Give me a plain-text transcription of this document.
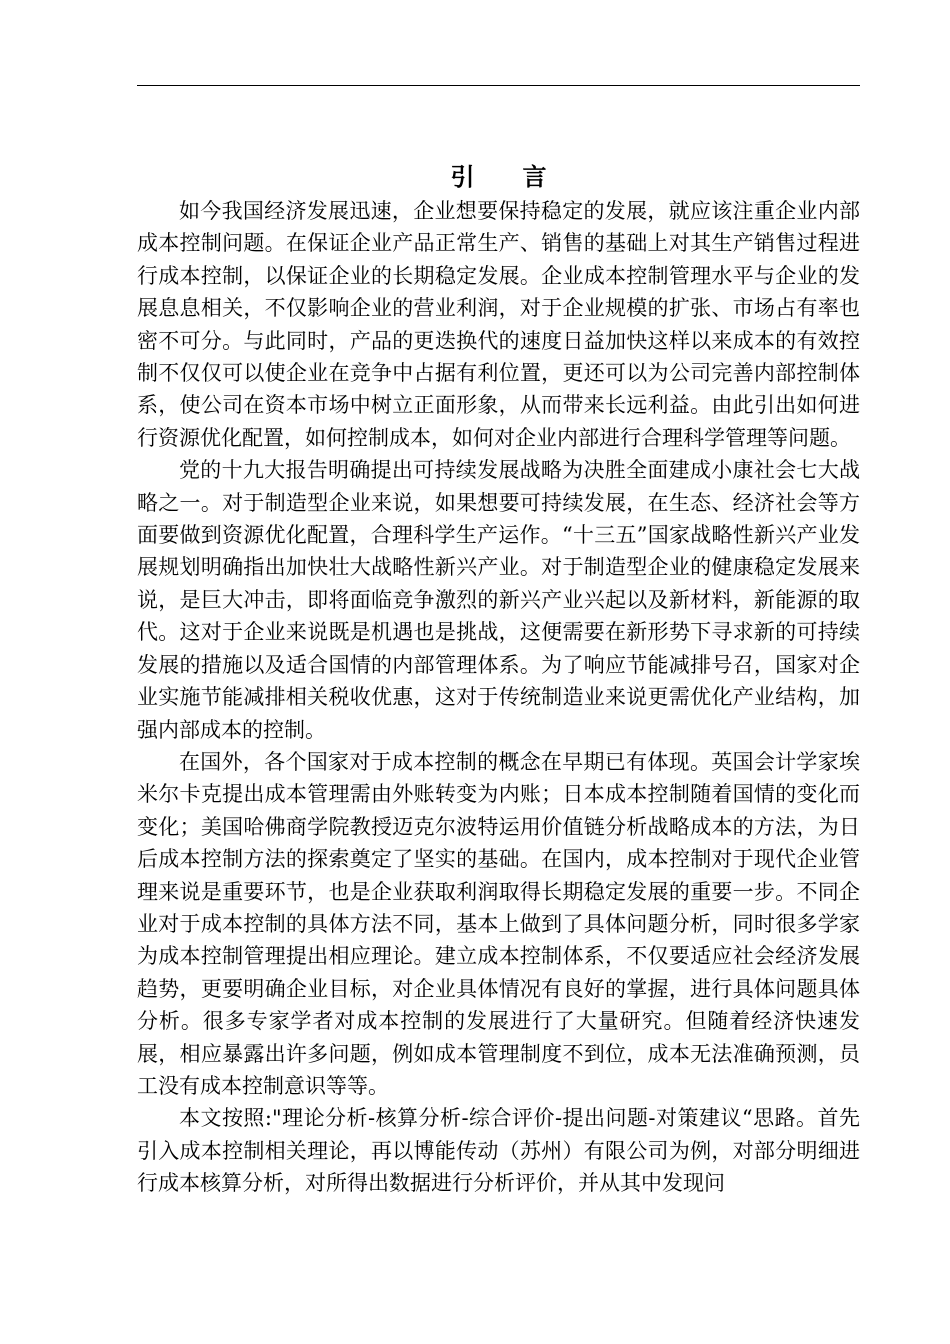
引　　言

如今我国经济发展迅速，企业想要保持稳定的发展，就应该注重企业内部成本控制问题。在保证企业产品正常生产、销售的基础上对其生产销售过程进行成本控制，以保证企业的长期稳定发展。企业成本控制管理水平与企业的发展息息相关，不仅影响企业的营业利润，对于企业规模的扩张、市场占有率也密不可分。与此同时，产品的更迭换代的速度日益加快这样以来成本的有效控制不仅仅可以使企业在竞争中占据有利位置，更还可以为公司完善内部控制体系，使公司在资本市场中树立正面形象，从而带来长远利益。由此引出如何进行资源优化配置，如何控制成本，如何对企业内部进行合理科学管理等问题。

党的十九大报告明确提出可持续发展战略为决胜全面建成小康社会七大战略之一。对于制造型企业来说，如果想要可持续发展，在生态、经济社会等方面要做到资源优化配置，合理科学生产运作。“十三五”国家战略性新兴产业发展规划明确指出加快壮大战略性新兴产业。对于制造型企业的健康稳定发展来说，是巨大冲击，即将面临竞争激烈的新兴产业兴起以及新材料，新能源的取代。这对于企业来说既是机遇也是挑战，这便需要在新形势下寻求新的可持续发展的措施以及适合国情的内部管理体系。为了响应节能减排号召，国家对企业实施节能减排相关税收优惠，这对于传统制造业来说更需优化产业结构，加强内部成本的控制。

在国外，各个国家对于成本控制的概念在早期已有体现。英国会计学家埃米尔卡克提出成本管理需由外账转变为内账；日本成本控制随着国情的变化而变化；美国哈佛商学院教授迈克尔波特运用价值链分析战略成本的方法，为日后成本控制方法的探索奠定了坚实的基础。在国内，成本控制对于现代企业管理来说是重要环节，也是企业获取利润取得长期稳定发展的重要一步。不同企业对于成本控制的具体方法不同，基本上做到了具体问题分析，同时很多学家为成本控制管理提出相应理论。建立成本控制体系，不仅要适应社会经济发展趋势，更要明确企业目标，对企业具体情况有良好的掌握，进行具体问题具体分析。很多专家学者对成本控制的发展进行了大量研究。但随着经济快速发展，相应暴露出许多问题，例如成本管理制度不到位，成本无法准确预测，员工没有成本控制意识等等。

本文按照:"理论分析-核算分析-综合评价-提出问题-对策建议“思路。首先引入成本控制相关理论，再以博能传动（苏州）有限公司为例，对部分明细进行成本核算分析，对所得出数据进行分析评价，并从其中发现问
